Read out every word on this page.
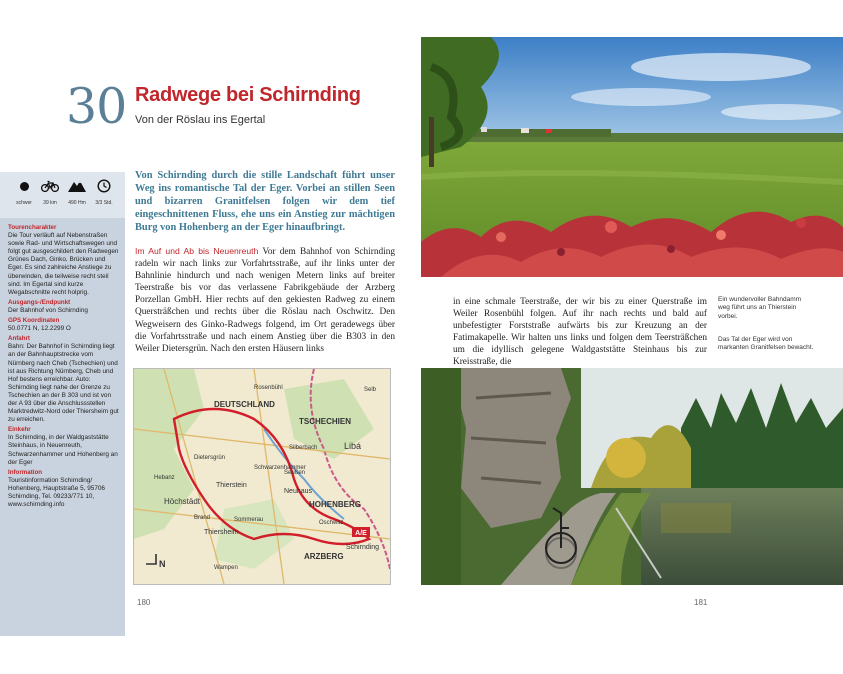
30 Radwege bei Schirnding
Von der Röslau ins Egertal
schwer	39 km	490 Hm	3/3 Std.
Tourencharakter
Die Tour verläuft auf Nebenstraßen sowie Rad- und Wirtschaftswegen und folgt gut ausgeschildert den Radwegen Grünes Dach, Ginko, Brücken und Eger. Es sind zahlreiche Anstiege zu überwinden, die teilweise recht steil sind. Im Egertal sind kurze Wegabschnitte recht holprig.
Ausgangs-/Endpunkt
Der Bahnhof von Schirnding
GPS Koordinaten
50.0771 N, 12.2299 O
Anfahrt
Bahn: Der Bahnhof in Schirnding liegt an der Bahnhauptstrecke vom Nürnberg nach Cheb (Tschechien) und ist aus Richtung Nürnberg, Cheb und Hof bestens erreichbar. Auto: Schirnding liegt nahe der Grenze zu Tschechien an der B 303 und ist von der A 93 über die Anschlussstellen Marktredwitz-Nord oder Thiersheim gut zu erreichen.
Einkehr
In Schirnding, in der Waldgaststätte Steinhaus, in Neuenreuth, Schwarzenhammer und Hohenberg an der Eger
Information
Touristinformation Schirnding/ Hohenberg, Hauptstraße 5, 95706 Schirnding, Tel. 09233/771 10, www.schirnding.info
Von Schirnding durch die stille Landschaft führt unser Weg ins romantische Tal der Eger. Vorbei an stillen Seen und bizarren Granitfelsen folgen wir dem tief eingeschnittenen Fluss, ehe uns ein Anstieg zur mächtigen Burg von Hohenberg an der Eger hinaufbringt.
Im Auf und Ab bis Neuenreuth Vor dem Bahnhof von Schirnding radeln wir nach links zur Vorfahrtsstraße, auf ihr links unter der Bahnlinie hindurch und nach wenigen Metern links auf breiter Teerstraße bis vor das verlassene Fabrikgebäude der Arzberg Porzellan GmbH. Hier rechts auf den gekiesten Radweg zu einem Quersträßchen und rechts über die Röslau nach Oschwitz. Den Wegweisern des Ginko-Radwegs folgend, im Ort geradewegs über die Vorfahrtsstraße und nach einem Anstieg über die B303 in den Weiler Dietersgrün. Nach den ersten Häusern links
in eine schmale Teerstraße, der wir bis zu einer Querstraße im Weiler Rosenbühl folgen. Auf ihr nach rechts und bald auf unbefestigter Forststraße aufwärts bis zur Kreuzung an der Fatimakapelle. Wir halten uns links und folgen dem Teersträßchen um die idyllisch gelegene Waldgaststätte Steinhaus bis zur Kreisstraße, die
Ein wundervoller Bahndamm weg führt uns an Thierstein vorbei.
Das Tal der Eger wird von markanten Granitfelsen bewacht.
DEUTSCHLAND
TSCHECHIEN
Libá
Thierstein
Höchstädt
Neuhaus
HOHENBERG
Thiersheim
ARZBERG
Schirnding
Selb
Silberbach
Schwarzenhammer
Dietersgrün
Wampen
Brand	Sommerau
Rosenbühl
Seußen
Oschwitz
Hebanz
A/E
N
180	181
